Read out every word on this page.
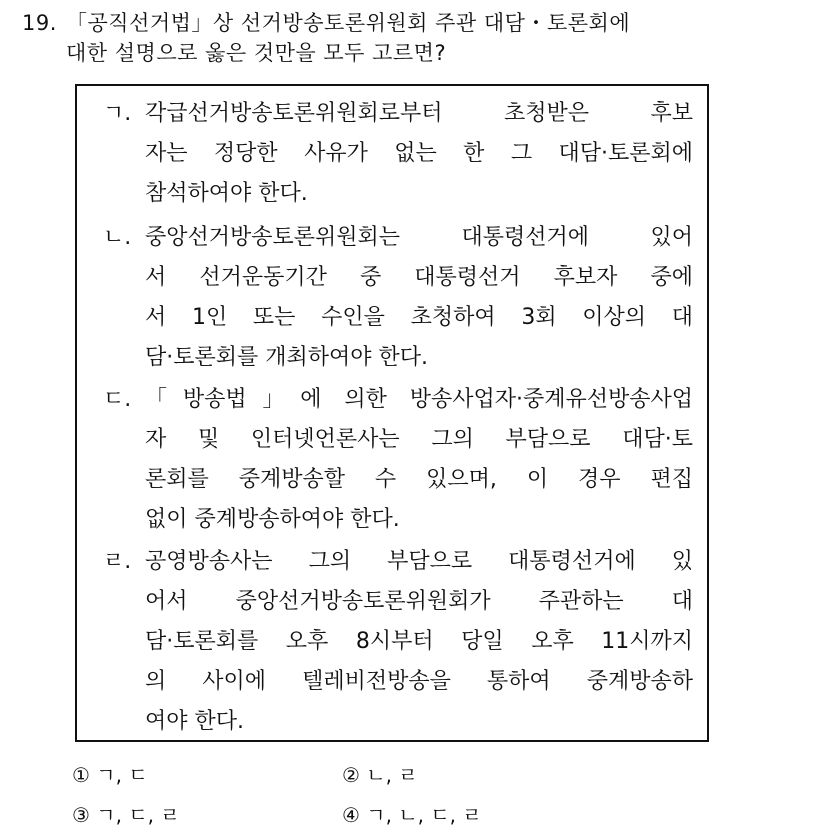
19. 「공직선거법」상 선거방송토론위원회 주관 대담・토론회에
대한 설명으로 옳은 것만을 모두 고르면?
ㄱ. 각급선거방송토론위원회로부터 초청받은 후보
자는 정당한 사유가 없는 한 그 대담·토론회에
참석하여야 한다.
ㄴ. 중앙선거방송토론위원회는 대통령선거에 있어
서 선거운동기간 중 대통령선거 후보자 중에
서 1인 또는 수인을 초청하여 3회 이상의 대
담·토론회를 개최하여야 한다.
ㄷ. 「방송법」에 의한 방송사업자·중계유선방송사업
자 및 인터넷언론사는 그의 부담으로 대담·토
론회를 중계방송할 수 있으며, 이 경우 편집
없이 중계방송하여야 한다.
ㄹ. 공영방송사는 그의 부담으로 대통령선거에 있
어서 중앙선거방송토론위원회가 주관하는 대
담·토론회를 오후 8시부터 당일 오후 11시까지
의 사이에 텔레비전방송을 통하여 중계방송하
여야 한다.
① ㄱ, ㄷ	② ㄴ, ㄹ
③ ㄱ, ㄷ, ㄹ	④ ㄱ, ㄴ, ㄷ, ㄹ
